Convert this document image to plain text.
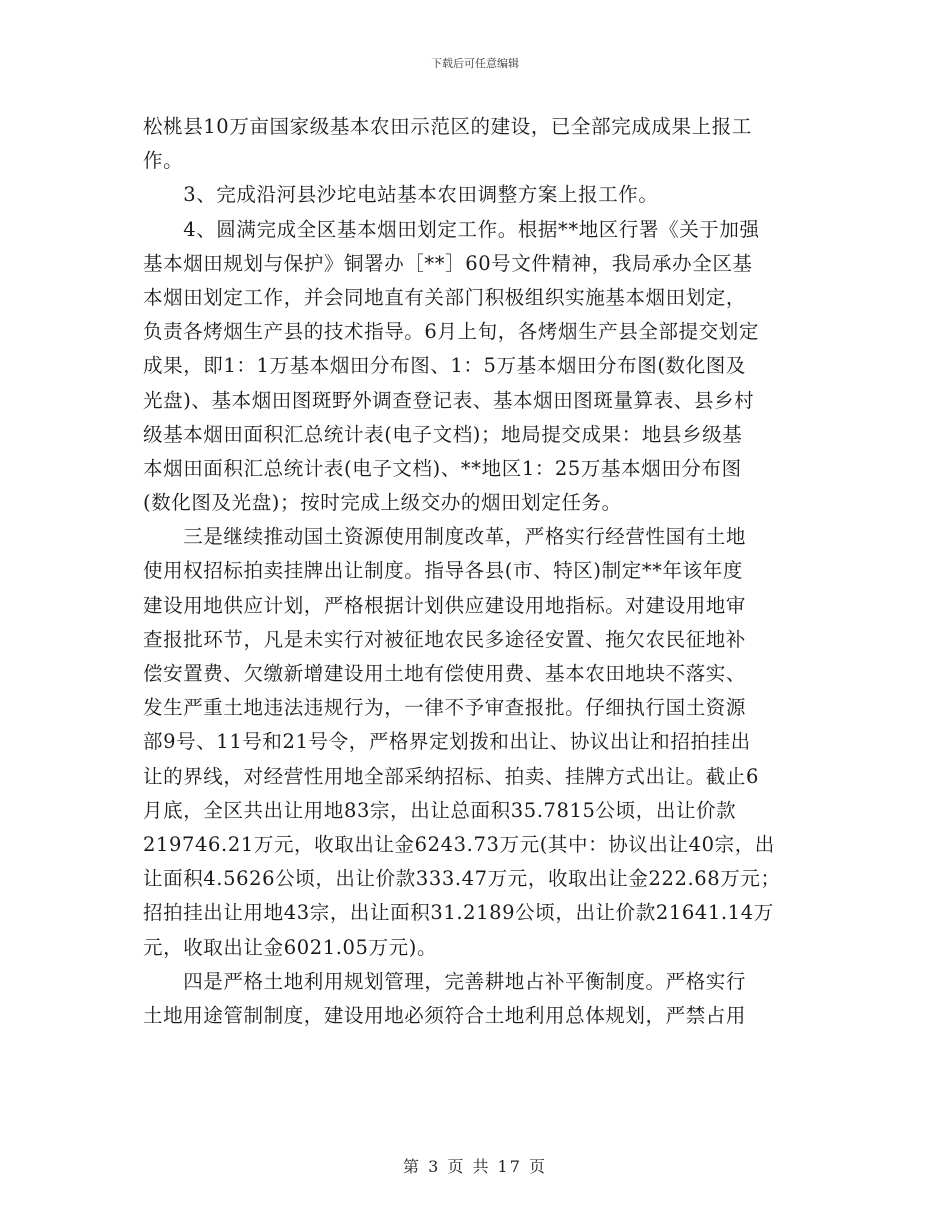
下载后可任意编辑
松桃县10万亩国家级基本农田示范区的建设，已全部完成成果上报工
作。
　　3、完成沿河县沙坨电站基本农田调整方案上报工作。
　　4、圆满完成全区基本烟田划定工作。根据**地区行署《关于加强
基本烟田规划与保护》铜署办［**］60号文件精神，我局承办全区基
本烟田划定工作，并会同地直有关部门积极组织实施基本烟田划定，
负责各烤烟生产县的技术指导。6月上旬，各烤烟生产县全部提交划定
成果，即1：1万基本烟田分布图、1：5万基本烟田分布图(数化图及
光盘)、基本烟田图斑野外调查登记表、基本烟田图斑量算表、县乡村
级基本烟田面积汇总统计表(电子文档)；地局提交成果：地县乡级基
本烟田面积汇总统计表(电子文档)、**地区1：25万基本烟田分布图
(数化图及光盘)；按时完成上级交办的烟田划定任务。
　　三是继续推动国土资源使用制度改革，严格实行经营性国有土地
使用权招标拍卖挂牌出让制度。指导各县(市、特区)制定**年该年度
建设用地供应计划，严格根据计划供应建设用地指标。对建设用地审
查报批环节，凡是未实行对被征地农民多途径安置、拖欠农民征地补
偿安置费、欠缴新增建设用土地有偿使用费、基本农田地块不落实、
发生严重土地违法违规行为，一律不予审查报批。仔细执行国土资源
部9号、11号和21号令，严格界定划拨和出让、协议出让和招拍挂出
让的界线，对经营性用地全部采纳招标、拍卖、挂牌方式出让。截止6
月底，全区共出让用地83宗，出让总面积35.7815公顷，出让价款
219746.21万元，收取出让金6243.73万元(其中：协议出让40宗，出
让面积4.5626公顷，出让价款333.47万元，收取出让金222.68万元；
招拍挂出让用地43宗，出让面积31.2189公顷，出让价款21641.14万
元，收取出让金6021.05万元)。
　　四是严格土地利用规划管理，完善耕地占补平衡制度。严格实行
土地用途管制制度，建设用地必须符合土地利用总体规划，严禁占用
第 3 页 共 17 页
